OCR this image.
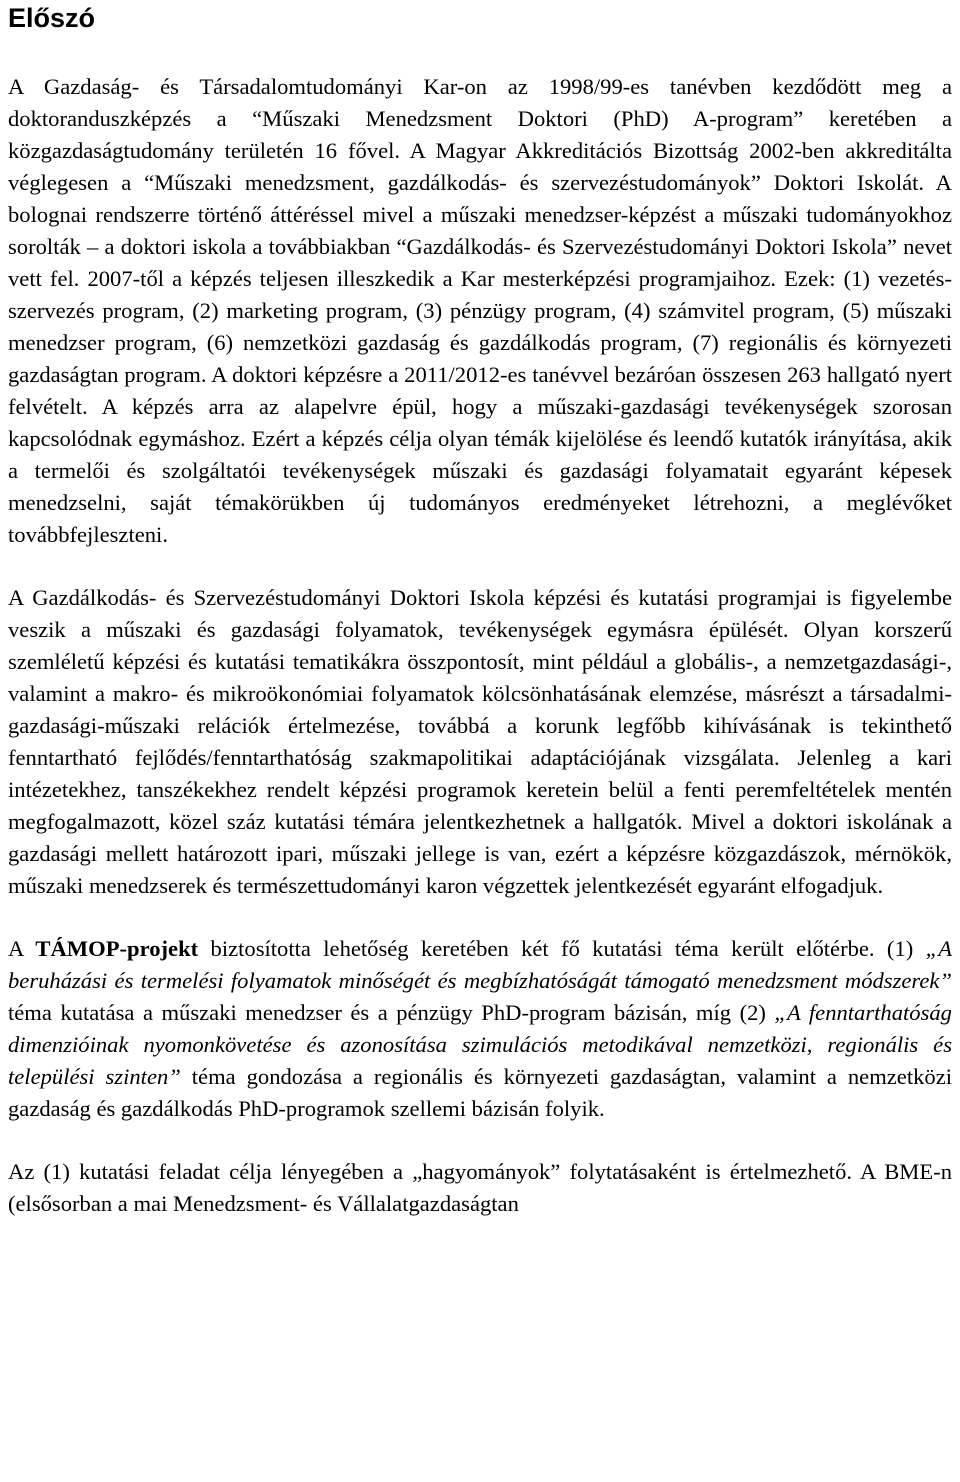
Előszó

A Gazdaság- és Társadalomtudományi Kar-on az 1998/99-es tanévben kezdődött meg a doktoranduszképzés a “Műszaki Menedzsment Doktori (PhD) A-program” keretében a közgazdaságtudomány területén 16 fővel. A Magyar Akkreditációs Bizottság 2002-ben akkreditálta véglegesen a “Műszaki menedzsment, gazdálkodás- és szervezéstudományok” Doktori Iskolát. A bolognai rendszerre történő áttéréssel mivel a műszaki menedzser-képzést a műszaki tudományokhoz sorolták – a doktori iskola a továbbiakban “Gazdálkodás- és Szervezéstudományi Doktori Iskola” nevet vett fel. 2007-től a képzés teljesen illeszkedik a Kar mesterképzési programjaihoz. Ezek: (1) vezetés-szervezés program, (2) marketing program, (3) pénzügy program, (4) számvitel program, (5) műszaki menedzser program, (6) nemzetközi gazdaság és gazdálkodás program, (7) regionális és környezeti gazdaságtan program. A doktori képzésre a 2011/2012-es tanévvel bezáróan összesen 263 hallgató nyert felvételt. A képzés arra az alapelvre épül, hogy a műszaki-gazdasági tevékenységek szorosan kapcsolódnak egymáshoz. Ezért a képzés célja olyan témák kijelölése és leendő kutatók irányítása, akik a termelői és szolgáltatói tevékenységek műszaki és gazdasági folyamatait egyaránt képesek menedzselni, saját témakörükben új tudományos eredményeket létrehozni, a meglévőket továbbfejleszteni.

A Gazdálkodás- és Szervezéstudományi Doktori Iskola képzési és kutatási programjai is figyelembe veszik a műszaki és gazdasági folyamatok, tevékenységek egymásra épülését. Olyan korszerű szemléletű képzési és kutatási tematikákra összpontosít, mint például a globális-, a nemzetgazdasági-, valamint a makro- és mikroökonómiai folyamatok kölcsönhatásának elemzése, másrészt a társadalmi-gazdasági-műszaki relációk értelmezése, továbbá a korunk legfőbb kihívásának is tekinthető fenntartható fejlődés/fenntarthatóság szakmapolitikai adaptációjának vizsgálata. Jelenleg a kari intézetekhez, tanszékekhez rendelt képzési programok keretein belül a fenti peremfeltételek mentén megfogalmazott, közel száz kutatási témára jelentkezhetnek a hallgatók. Mivel a doktori iskolának a gazdasági mellett határozott ipari, műszaki jellege is van, ezért a képzésre közgazdászok, mérnökök, műszaki menedzserek és természettudományi karon végzettek jelentkezését egyaránt elfogadjuk.

A TÁMOP-projekt biztosította lehetőség keretében két fő kutatási téma került előtérbe. (1) „A beruházási és termelési folyamatok minőségét és megbízhatóságát támogató menedzsment módszerek” téma kutatása a műszaki menedzser és a pénzügy PhD-program bázisán, míg (2) „A fenntarthatóság dimenzióinak nyomonkövetése és azonosítása szimulációs metodikával nemzetközi, regionális és települési szinten” téma gondozása a regionális és környezeti gazdaságtan, valamint a nemzetközi gazdaság és gazdálkodás PhD-programok szellemi bázisán folyik.

Az (1) kutatási feladat célja lényegében a „hagyományok” folytatásaként is értelmezhető. A BME-n (elsősorban a mai Menedzsment- és Vállalatgazdaságtan
